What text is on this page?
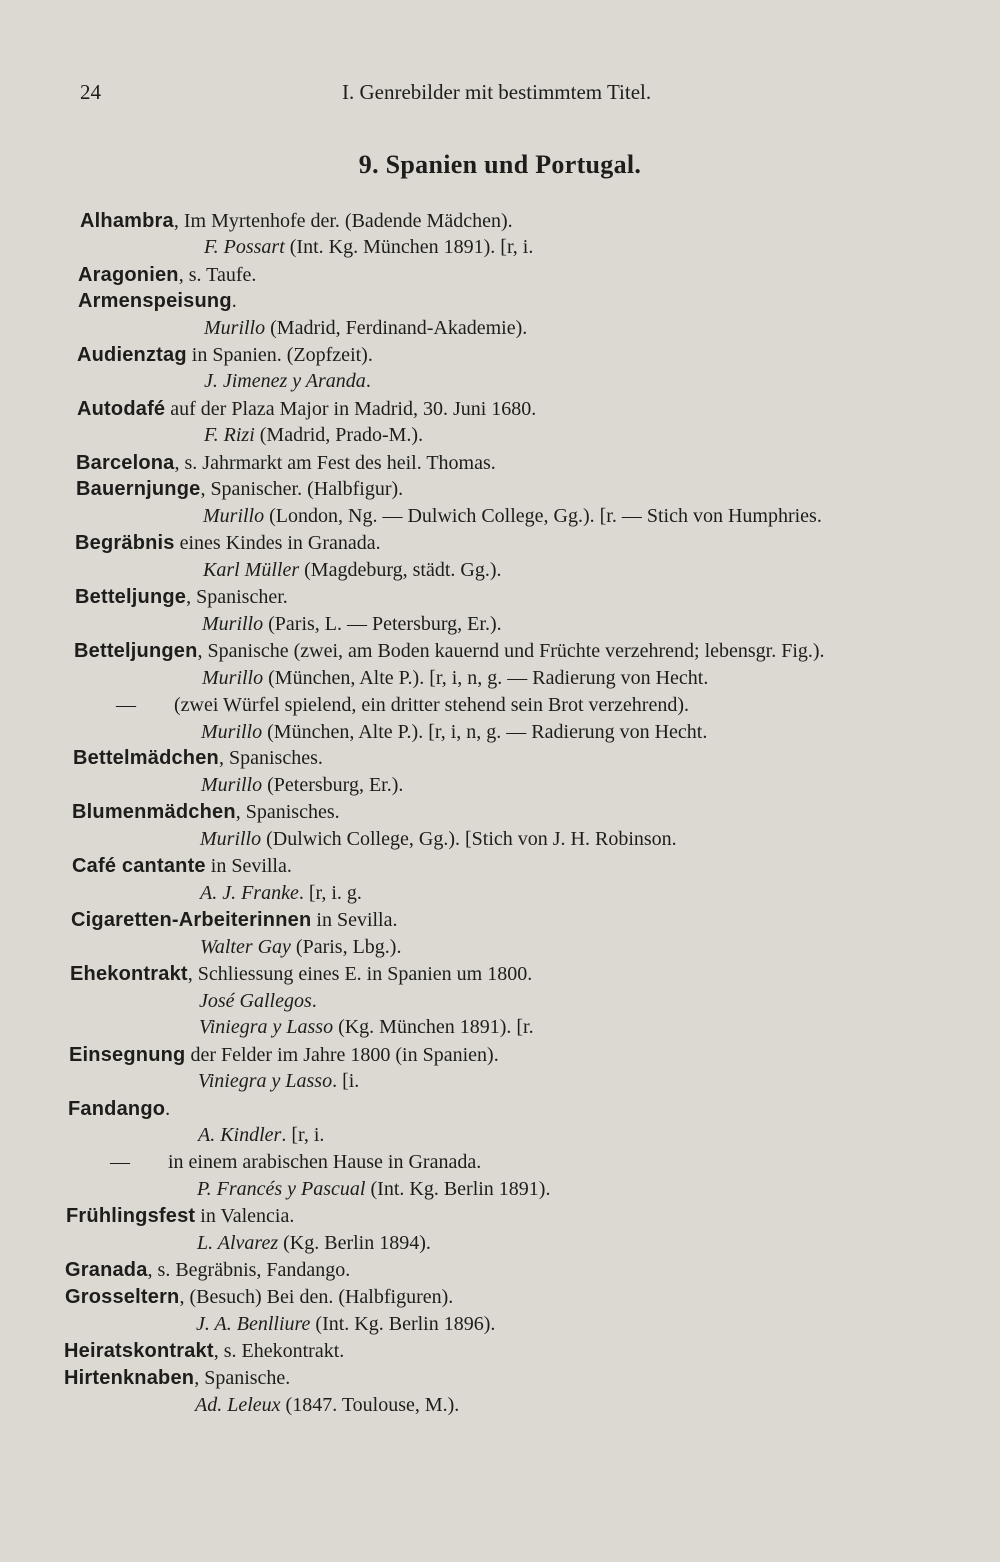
24	I. Genrebilder mit bestimmtem Titel.
9. Spanien und Portugal.
Alhambra, Im Myrtenhofe der. (Badende Mädchen).
F. Possart (Int. Kg. München 1891). [r, i.
Aragonien, s. Taufe.
Armenspeisung.
Murillo (Madrid, Ferdinand-Akademie).
Audienztag in Spanien. (Zopfzeit).
J. Jimenez y Aranda.
Autodafé auf der Plaza Major in Madrid, 30. Juni 1680.
F. Rizi (Madrid, Prado-M.).
Barcelona, s. Jahrmarkt am Fest des heil. Thomas.
Bauernjunge, Spanischer. (Halbfigur).
Murillo (London, Ng. — Dulwich College, Gg.). [r. — Stich von Humphries.
Begräbnis eines Kindes in Granada.
Karl Müller (Magdeburg, städt. Gg.).
Betteljunge, Spanischer.
Murillo (Paris, L. — Petersburg, Er.).
Betteljungen, Spanische (zwei, am Boden kauernd und Früchte verzehrend; lebensgr. Fig.).
Murillo (München, Alte P.). [r, i, n, g. — Radierung von Hecht.
— (zwei Würfel spielend, ein dritter stehend sein Brot verzehrend).
Murillo (München, Alte P.). [r, i, n, g. — Radierung von Hecht.
Bettelmädchen, Spanisches.
Murillo (Petersburg, Er.).
Blumenmädchen, Spanisches.
Murillo (Dulwich College, Gg.). [Stich von J. H. Robinson.
Café cantante in Sevilla.
A. J. Franke. [r, i. g.
Cigaretten-Arbeiterinnen in Sevilla.
Walter Gay (Paris, Lbg.).
Ehekontrakt, Schliessung eines E. in Spanien um 1800.
José Gallegos.
Viniegra y Lasso (Kg. München 1891). [r.
Einsegnung der Felder im Jahre 1800 (in Spanien).
Viniegra y Lasso. [i.
Fandango.
A. Kindler. [r, i.
— in einem arabischen Hause in Granada.
P. Francés y Pascual (Int. Kg. Berlin 1891).
Frühlingsfest in Valencia.
L. Alvarez (Kg. Berlin 1894).
Granada, s. Begräbnis, Fandango.
Grosseltern, (Besuch) Bei den. (Halbfiguren).
J. A. Benlliure (Int. Kg. Berlin 1896).
Heiratskontrakt, s. Ehekontrakt.
Hirtenknaben, Spanische.
Ad. Leleux (1847. Toulouse, M.).
